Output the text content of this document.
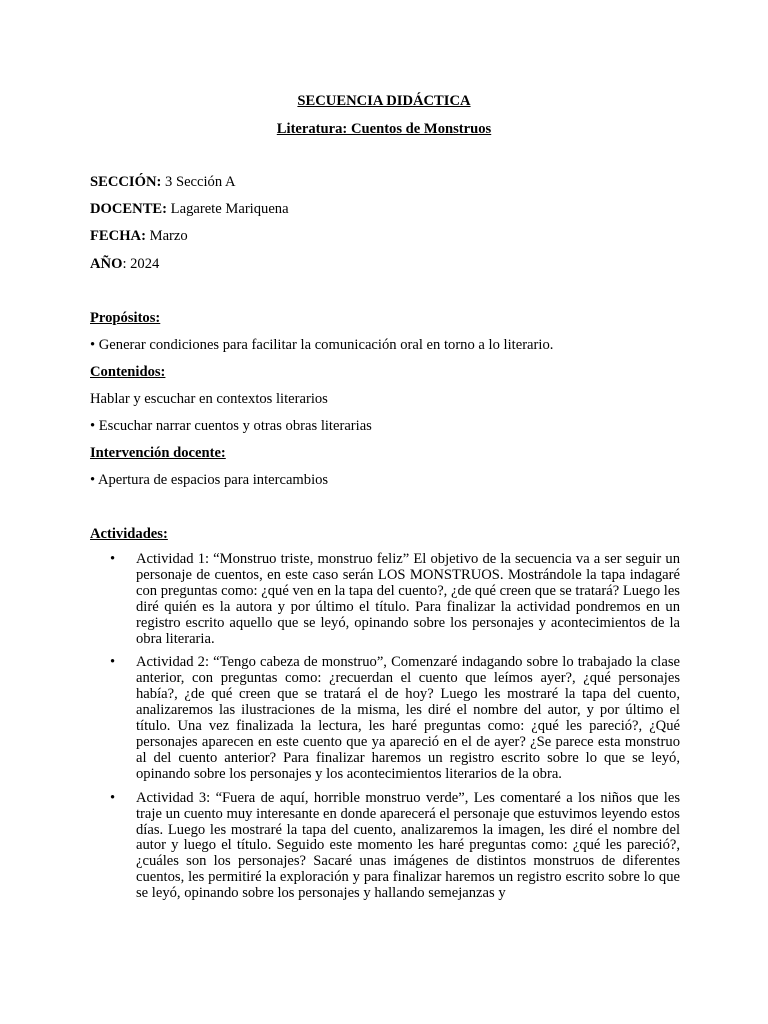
SECUENCIA DIDÁCTICA
Literatura: Cuentos de Monstruos
SECCIÓN: 3 Sección A
DOCENTE: Lagarete Mariquena
FECHA: Marzo
AÑO: 2024
Propósitos:
• Generar condiciones para facilitar la comunicación oral en torno a lo literario.
Contenidos:
Hablar y escuchar en contextos literarios
• Escuchar narrar cuentos y otras obras literarias
Intervención docente:
• Apertura de espacios para intercambios
Actividades:
• Actividad 1: “Monstruo triste, monstruo feliz” El objetivo de la secuencia va a ser seguir un personaje de cuentos, en este caso serán LOS MONSTRUOS. Mostrándole la tapa indagaré con preguntas como: ¿qué ven en la tapa del cuento?, ¿de qué creen que se tratará? Luego les diré quién es la autora y por último el título. Para finalizar la actividad pondremos en un registro escrito aquello que se leyó, opinando sobre los personajes y acontecimientos de la obra literaria.
• Actividad 2: “Tengo cabeza de monstruo”, Comenzaré indagando sobre lo trabajado la clase anterior, con preguntas como: ¿recuerdan el cuento que leímos ayer?, ¿qué personajes había?, ¿de qué creen que se tratará el de hoy? Luego les mostraré la tapa del cuento, analizaremos las ilustraciones de la misma, les diré el nombre del autor, y por último el título. Una vez finalizada la lectura, les haré preguntas como: ¿qué les pareció?, ¿Qué personajes aparecen en este cuento que ya apareció en el de ayer? ¿Se parece esta monstruo al del cuento anterior? Para finalizar haremos un registro escrito sobre lo que se leyó, opinando sobre los personajes y los acontecimientos literarios de la obra.
• Actividad 3: “Fuera de aquí, horrible monstruo verde”, Les comentaré a los niños que les traje un cuento muy interesante en donde aparecerá el personaje que estuvimos leyendo estos días. Luego les mostraré la tapa del cuento, analizaremos la imagen, les diré el nombre del autor y luego el título. Seguido este momento les haré preguntas como: ¿qué les pareció?, ¿cuáles son los personajes? Sacaré unas imágenes de distintos monstruos de diferentes cuentos, les permitiré la exploración y para finalizar haremos un registro escrito sobre lo que se leyó, opinando sobre los personajes y hallando semejanzas y
